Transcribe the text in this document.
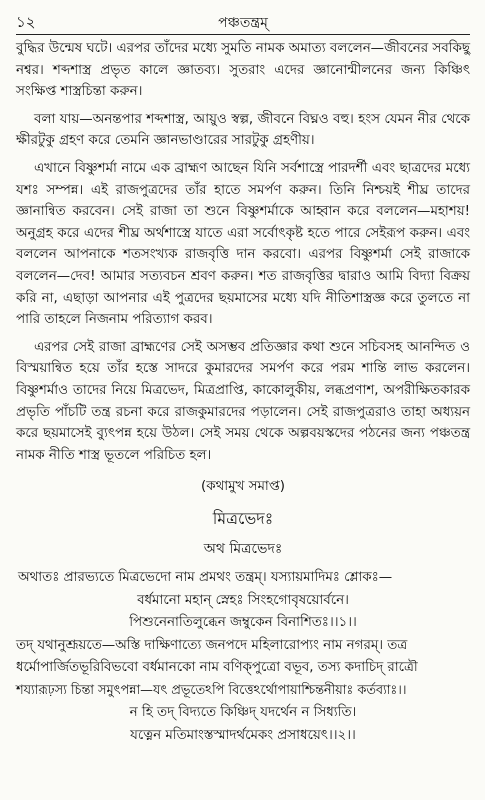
১২	পঞ্চতন্ত্রম্

বুদ্ধির উন্মেষ ঘটে। এরপর তাঁদের মধ্যে সুমতি নামক অমাত্য বললেন—জীবনের সবকিছু নশ্বর। শব্দশাস্ত্র প্রভৃত কালে জ্ঞাতব্য। সুতরাং এদের জ্ঞানোন্মীলনের জন্য কিঞ্চিৎ সংক্ষিপ্ত শাস্ত্রচিন্তা করুন।

বলা যায়—অনন্তপার শব্দশাস্ত্র, আয়ুও স্বল্প, জীবনে বিঘ্নও বহু। হংস যেমন নীর থেকে ক্ষীরটুকু গ্রহণ করে তেমনি জ্ঞানভাণ্ডারের সারটুকু গ্রহণীয়।

এখানে বিষ্ণুশর্মা নামে এক ব্রাহ্মণ আছেন যিনি সর্বশাস্ত্রে পারদর্শী এবং ছাত্রদের মধ্যে যশঃ সম্পন্ন। এই রাজপুত্রদের তাঁর হাতে সমর্পণ করুন। তিনি নিশ্চয়ই শীঘ্র তাদের জ্ঞানান্বিত করবেন। সেই রাজা তা শুনে বিষ্ণুশর্মাকে আহ্বান করে বললেন—মহাশয়! অনুগ্রহ করে এদের শীঘ্র অর্থশাস্ত্রে যাতে এরা সর্বোৎকৃষ্ট হতে পারে সেইরূপ করুন। এবং বললেন আপনাকে শতসংখ্যক রাজবৃত্তি দান করবো। এরপর বিষ্ণুশর্মা সেই রাজাকে বললেন—দেব! আমার সত্যবচন শ্রবণ করুন। শত রাজবৃত্তির দ্বারাও আমি বিদ্যা বিক্রয় করি না, এছাড়া আপনার এই পুত্রদের ছয়মাসের মধ্যে যদি নীতিশাস্ত্রজ্ঞ করে তুলতে না পারি তাহলে নিজনাম পরিত্যাগ করব।

এরপর সেই রাজা ব্রাহ্মণের সেই অসম্ভব প্রতিজ্ঞার কথা শুনে সচিবসহ আনন্দিত ও বিস্ময়ান্বিত হয়ে তাঁর হস্তে সাদরে কুমারদের সমর্পণ করে পরম শান্তি লাভ করলেন। বিষ্ণুশর্মাও তাদের নিয়ে মিত্রভেদ, মিত্রপ্রাপ্তি, কাকোলুকীয়, লব্ধপ্রণাশ, অপরীক্ষিতকারক প্রভৃতি পাঁচটি তন্ত্র রচনা করে রাজকুমারদের পড়ালেন। সেই রাজপুত্ররাও তাহা অধ্যয়ন করে ছয়মাসেই ব্যুৎপন্ন হয়ে উঠল। সেই সময় থেকে অল্পবয়স্কদের পঠনের জন্য পঞ্চতন্ত্র নামক নীতি শাস্ত্র ভূতলে পরিচিত হল।

(কথামুখ সমাপ্ত)
মিত্রভেদঃ
অথ মিত্রভেদঃ

অথাতঃ প্রারভ্যতে মিত্রভেদো নাম প্রমথং তন্ত্রম্। যস্যায়মাদিমঃ শ্লোকঃ—

বর্ধমানো মহান্ স্নেহঃ সিংহগোবৃষয়োর্বনে।

পিশুনেনাতিলুব্ধেন জম্বুকেন বিনাশিতঃ।।১।।

তদ্ যথানুশ্রূয়তে—অস্তি দাক্ষিণাত্যে জনপদে মহিলারোপ্যং নাম নগরম্। তত্র

ধর্মোপার্জিতভূরিবিভবো বর্ধমানকো নাম বণিক্‌পুত্রো বভূব, তস্য কদাচিদ্ রাত্রৌ

শয্যারূঢ়স্য চিন্তা সমুৎপন্না—যৎ প্রভূতেঽপি বিত্তেঽর্থোপায়াশ্চিন্তনীয়াঃ কর্তব্যাঃ।।

ন হি তদ্ বিদ্যতে কিঞ্চিদ্ যদর্থেন ন সিধ্যতি।

যত্নেন মতিমাংস্তস্মাদর্থমেকং প্রসাধয়েৎ।।২।।
